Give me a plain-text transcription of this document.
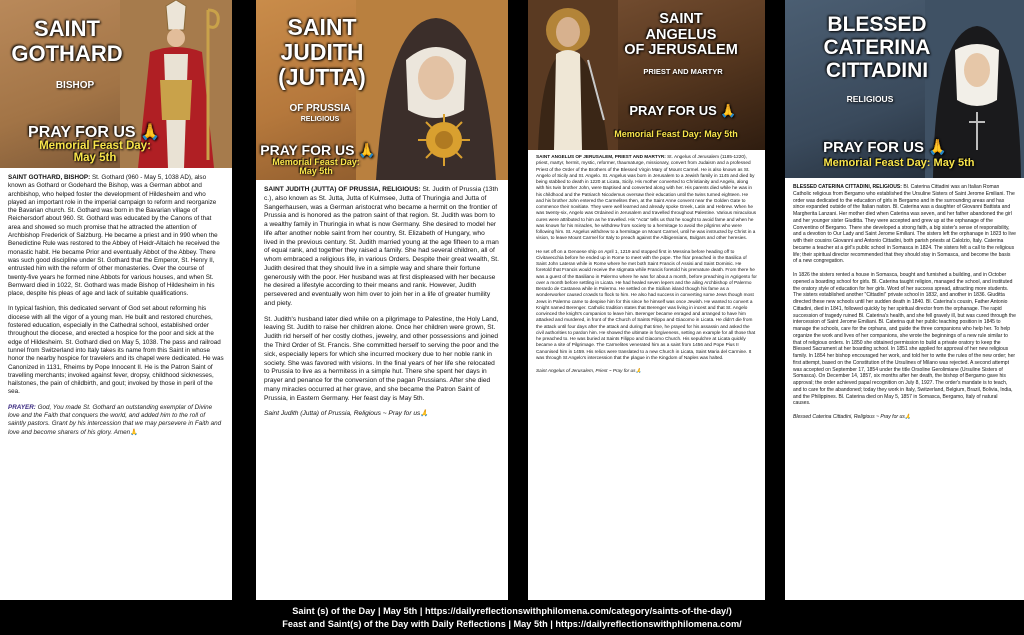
SAINT
GOTHARD
BISHOP
PRAY FOR US 🙏
Memorial Feast Day:
May 5th

SAINT GOTHARD, BISHOP: St. Gothard (960 - May 5, 1038 AD), also known as Gothard or Godehard the Bishop, was a German abbot and archbishop, who helped foster the development of Hildesheim and who played an important role in the imperial campaign to reform and reorganize the Bavarian church. St. Gothard was born in the Bavarian village of Reichersdorf about 960. St. Gothard was educated by the Canons of that area and showed so much promise that he attracted the attention of Archbishop Frederick of Salzburg. He became a priest and in 990 when the Benedictine Rule was restored to the Abbey of Heidr-Altaich he received the monastic habit. He became Prior and eventually Abbot of the Abbey. There was such good discipline under St. Gothard that the Emperor, St. Henry II, entrusted him with the reform of other monasteries. Over the course of twenty-five years he formed nine Abbots for various houses, and when St. Bernward died in 1022, St. Gothard was made Bishop of Hildesheim in his place, despite his pleas of age and lack of suitable qualifications.

In typical fashion, this dedicated servant of God set about reforming his diocese with all the vigor of a young man. He built and restored churches, fostered education, especially in the Cathedral school, established order throughout the diocese, and erected a hospice for the poor and sick at the edge of Hildesheim. St. Gothard died on May 5, 1038. The pass and railroad tunnel from Switzerland into Italy takes its name from this Saint in whose honor the nearby hospice for travelers and its chapel were dedicated. He was Canonized in 1131, Rheims by Pope Innocent II. He is the Patron Saint of travelling merchants; invoked against fever, dropsy, childhood sicknesses, hailstones, the pain of childbirth, and gout; invoked by those in peril of the sea.

PRAYER: God, You made St. Gothard an outstanding exemplar of Divine love and the Faith that conquers the world, and added him to the roll of saintly pastors. Grant by his intercession that we may persevere in Faith and love and become sharers of his glory. Amen🙏

SAINT
JUDITH
(JUTTA)
OF PRUSSIA
RELIGIOUS
PRAY FOR US 🙏
Memorial Feast Day:
May 5th

SAINT JUDITH (JUTTA) OF PRUSSIA, RELIGIOUS: St. Judith of Prussia (13th c.), also known as St. Jutta, Jutta of Kulmsee, Jutta of Thuringia and Jutta of Sangerhausen, was a German aristocrat who became a hermit on the frontier of Prussia and is honored as the patron saint of that region. St. Judith was born to a wealthy family in Thuringia in what is now Germany. She desired to model her life after another noble saint from her country, St. Elizabeth of Hungary, who lived in the previous century. St. Judith married young at the age fifteen to a man of equal rank, and together they raised a family. She had several children, all of whom embraced a religious life, in various Orders. Despite their great wealth, St. Judith desired that they should live in a simple way and share their fortune generously with the poor. Her husband was at first displeased with her because he desired a lifestyle according to their means and rank. However, Judith persevered and eventually won him over to join her in a life of greater humility and piety.

St. Judith's husband later died while on a pilgrimage to Palestine, the Holy Land, leaving St. Judith to raise her children alone. Once her children were grown, St. Judith rid herself of her costly clothes, jewelry, and other possessions and joined the Third Order of St. Francis. She committed herself to serving the poor and the sick, especially lepers for which she incurred mockery due to her noble rank in society. She was favored with visions. In the final years of her life she relocated to Prussia to live as a hermitess in a simple hut. There she spent her days in prayer and penance for the conversion of the pagan Prussians. After she died many miracles occurred at her grave, and she became the Patron Saint of Prussia, in Eastern Germany. Her feast day is May 5th.

Saint Judith (Jutta) of Prussia, Religious ~ Pray for us🙏

SAINT
ANGELUS
OF JERUSALEM
PRIEST AND MARTYR
PRAY FOR US 🙏
Memorial Feast Day: May 5th

SAINT ANGELUS OF JERUSALEM, PRIEST AND MARTYR: St. Angelus of Jerusalem (1185-1220), priest, martyr, hermit, mystic, reformer, thaumaturge, missionary, convert from Judaism and a professed Priest of the Order of the Brothers of the Blessed Virgin Mary of Mount Carmel. He is also known as St. Angelo of Sicily and St. Angelo. St. Angelus was born in Jerusalem to a Jewish family in 1145 and died by being stabbed to death in 1220 at Licata, Sicily. His mother converted to Christianity and Angelo, along with his twin brother John, were Baptised and converted along with her. His parents died while he was in his childhood and the Patriarch Nicodemus oversaw their education until the twins turned eighteen. He and his brother John entered the Carmelites then, at the Saint Anne convent near the Golden Gate to commence their novitiate. They were well learned and already spoke Greek, Latin and Hebrew. When he was twenty-six, Angelo was Ordained in Jerusalem and travelled throughout Palestine. Various miraculous cures were attributed to him as he travelled. His "Acta" tells us that he sought to avoid fame and when he was known for his miracles, he withdrew from society to a hermitage to avoid the pilgrims who were following him. St. Angelus withdrew to a hermitage on Mount Carmel, until he was instructed by Christ in a vision, to leave Mount Carmel for Italy to preach against the Albigensians, Bulgars and other heresies.

He set off on a Genoese ship on April 1, 1219 and stopped first in Messina before heading off to Civitavecchia before he ended up in Rome to meet with the pope. The friar preached in the Basilica of Saint John Lateran while in Rome where he met both Saint Francis of Assisi and Saint Dominic. He foretold that Francis would receive the stigmata while Francis foretold his premature death. From there he was a guest of the Basiliano in Palermo where he was for about a month, before preaching in Agrigento for over a month before settling in Licata. He had healed seven lepers and the ailing Archbishop of Palermo Berardo de Castanea while in Palermo. He settled on the Sicilian island though his fame as a wonderworker caused crowds to flock to him. He also had success in converting some Jews though most Jews in Palermo came to despise him for this since he himself was once Jewish. He wanted to convert a Knight named Berenger. Catholic tradition states that Berenger was living in incest and that St. Angelo convinced the knight's companion to leave him. Berenger became enraged and arranged to have him attacked and murdered, in front of the Church of Saints Filippo and Giacomo in Licata. He didn't die from the attack until four days after the attack and during that time, he prayed for his assassin and asked the civil authorities to pardon him. He showed the ultimate in forgiveness, setting an example for all those that he preached to. He was buried at Saints Filippo and Giacomo Church. His sepulchre at Licata quickly became a site of Pilgrimage. The Carmelites venerated him as a saint from 1456 and Pope Pius II Canonised him in 1459. His relics were translated to a new Church in Licata, Saint Maria del Carmine. It was through St Angelo's intercession that the plague in the Kingdom of Naples was halted.

Saint Angelus of Jerusalem, Priest ~ Pray for us🙏

BLESSED
CATERINA
CITTADINI
RELIGIOUS
PRAY FOR US 🙏
Memorial Feast Day: May 5th

BLESSED CATERINA CITTADINI, RELIGIOUS: Bl. Caterina Cittadini was an Italian Roman Catholic religious from Bergamo who established the Ursuline Sisters of Saint Jerome Emiliani. The order was dedicated to the education of girls in Bergamo and in the surrounding areas and has since expanded outside of the Italian nation. Bl. Caterina was a daughter of Giovanni Battista and Margherita Lanzani. Her mother died when Caterina was seven, and her father abandoned the girl and her younger sister Giuditta. They were accepted and grew up at the orphanage of the Conventino of Bergamo. There she developed a strong faith, a big sister's sense of responsibility, and a devotion to Our Lady and Saint Jerome Emiliani. The sisters left the orphanage in 1823 to live with their cousins Giovanni and Antonio Cittadini, both parish priests at Calolzio, Italy. Caterina became a teacher at a girl's public school in Somasca in 1824. The sisters felt a call to the religious life; their spiritual director recommended that they should stay in Somasca, and become the basis of a new congregation.

In 1826 the sisters rented a house in Somasca, bought and furnished a building, and in October opened a boarding school for girls. Bl. Caterina taught religion, managed the school, and instituted the oratory style of education for her girls. Word of her success spread, attracting more students. The sisters established another "Cittadini" private school in 1832, and another in 1836. Giuditta directed these new schools until her sudden death in 1840. Bl. Caterina's cousin, Father Antonio Cittadini, died in 1841, followed quickly by her spiritual director from the orphanage. The rapid succession of tragedy ruined Bl. Caterina's health, and she fell gravely ill, but was cured through the intercession of Saint Jerome Emiliani. Bl. Caterina quit her public teaching position in 1845 to manage the schools, care for the orphans, and guide the three companions who help her. To help organize the work and lives of her companions, she wrote the beginnings of a new rule similar to that of religious orders. In 1850 she obtained permission to build a private oratory to keep the Blessed Sacrament at her boarding school. In 1851 she applied for approval of her new religious family. In 1854 her bishop encouraged her work, and told her to write the rules of the new order; her first attempt, based on the Constitution of the Ursulines of Milano was rejected. A second attempt was accepted on September 17, 1854 under the title Orsoline Gerolimiane (Ursuline Sisters of Somasca). On December 14, 1857, six months after her death, the bishop of Bergamo gave his approval; the order achieved papal recognition on July 8, 1927. The order's mandate is to teach, and to care for the abandoned; today they work in Italy, Switzerland, Belgium, Brazil, Bolivia, India, and the Philippines. Bl. Caterina died on May 5, 1857 in Somasca, Bergamo, Italy of natural causes.

Blessed Caterina Cittadini, Religious ~ Pray for us🙏

Saint (s) of the Day | May 5th | https://dailyreflectionswithphilomena.com/category/saints-of-the-day/)
Feast and Saint(s) of the Day with Daily Reflections | May 5th | https://dailyreflectionswithphilomena.com/
